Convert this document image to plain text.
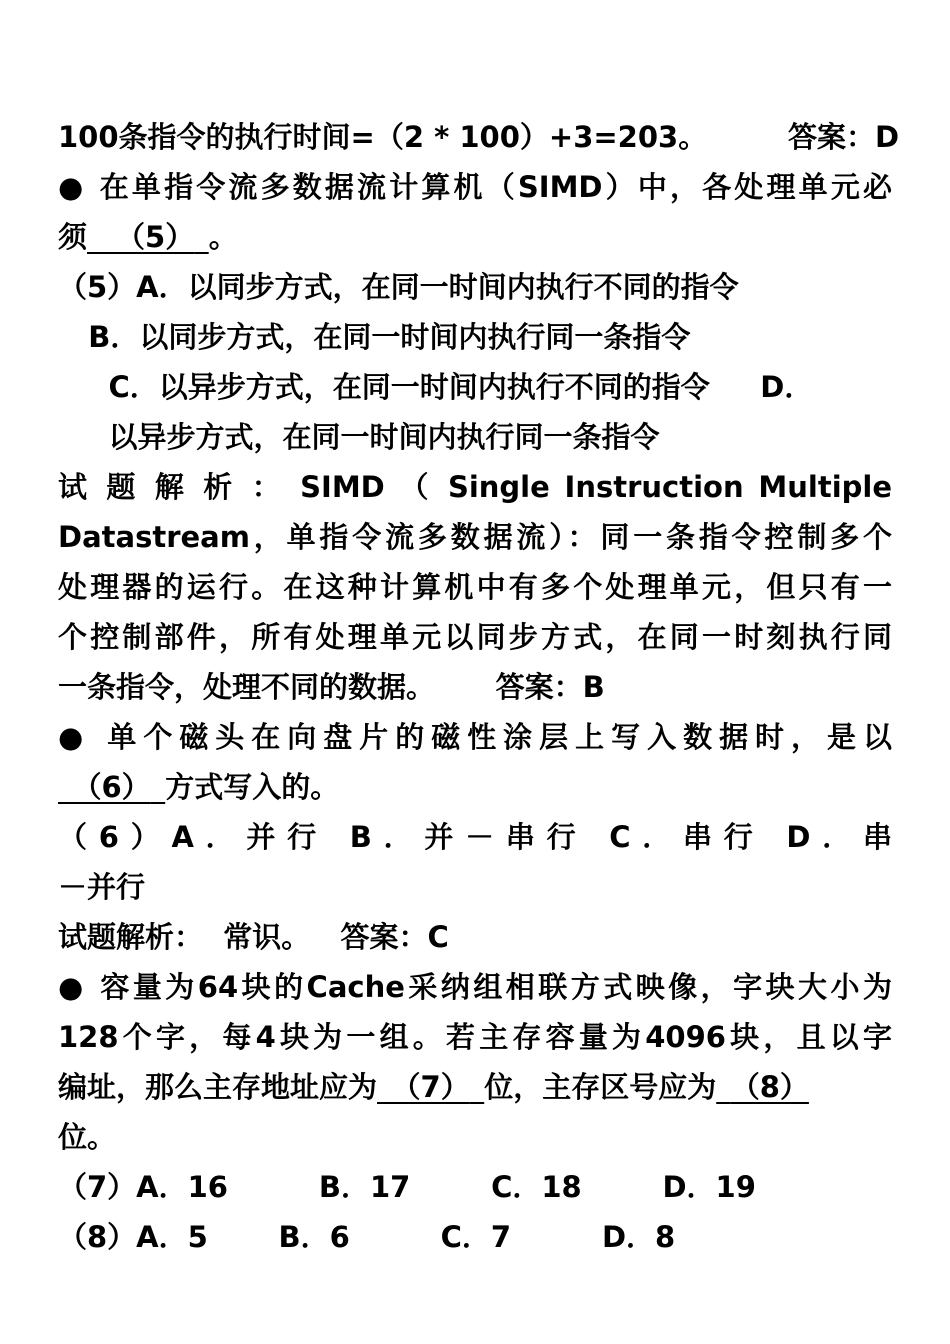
100条指令的执行时间=（2 * 100）+3=203。        答案：D
● 在单指令流多数据流计算机（SIMD）中，各处理单元必
须  （5）  。
（5）A．以同步方式，在同一时间内执行不同的指令
B．以同步方式，在同一时间内执行同一条指令
C．以异步方式，在同一时间内执行不同的指令     D．
以异步方式，在同一时间内执行同一条指令
试 题 解 析 ： SIMD （ Single Instruction Multiple
Datastream，单指令流多数据流）：同一条指令控制多个
处理器的运行。在这种计算机中有多个处理单元，但只有一
个控制部件，所有处理单元以同步方式，在同一时刻执行同
一条指令，处理不同的数据。      答案：B
● 单个磁头在向盘片的磁性涂层上写入数据时，是以
 （6）  方式写入的。
（6）A．并行 B．并－串行 C．串行 D．串
－并行
试题解析：  常识。   答案：C
● 容量为64块的Cache采纳组相联方式映像，字块大小为
128个字，每4块为一组。若主存容量为4096块，且以字
编址，那么主存地址应为  （7）  位，主存区号应为  （8）
位。
（7）A．16         B．17        C．18        D．19
（8）A．5       B．6         C．7         D．8
